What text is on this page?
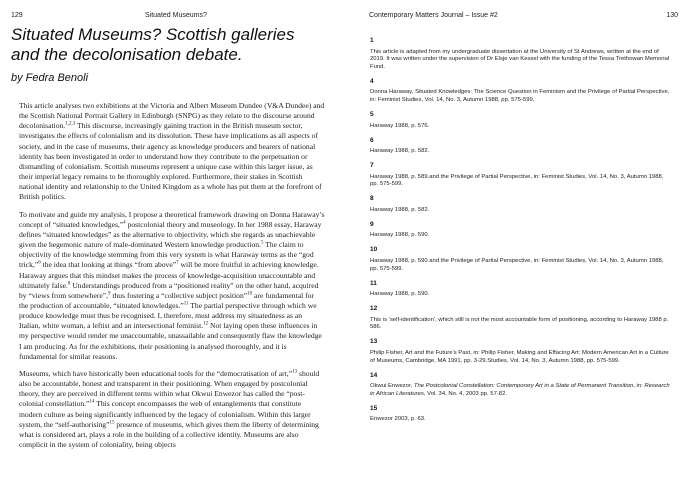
129	Situated Museums?	Contemporary Matters Journal – Issue #2	130
Situated Museums? Scottish galleries
and the decolonisation debate.
by Fedra Benoli

This article analyses two exhibitions at the Victoria and Albert Museum Dundee (V&A Dundee) and the Scottish National Portrait Gallery in Edinburgh (SNPG) as they relate to the discourse around decolonisation.$^{1,2,3}$ This discourse, increasingly gaining traction in the British museum sector, investigates the effects of colonialism and its dissolution. These have implications as all aspects of society, and in the case of museums, their agency as knowledge producers and bearers of national identity has been investigated in order to understand how they contribute to the perpetuation or dismantling of colonialism. Scottish museums represent a unique case within this larger issue, as their imperial legacy remains to be thoroughly explored. Furthermore, their stakes in Scottish national identity and relationship to the United Kingdom as a whole has put them at the forefront of British politics.

To motivate and guide my analysis, I propose a theoretical framework drawing on Donna Haraway’s concept of “situated knowledges,”$^4$ postcolonial theory and museology. In her 1988 essay, Haraway defines “situated knowledges” as the alternative to objectivity, which she regards as unachievable given the hegemonic nature of male-dominated Western knowledge production.$^5$ The claim to objectivity of the knowledge stemming from this very system is what Haraway terms as the “god trick,”$^6$ the idea that looking at things “from above”$^7$ will be more fruitful in achieving knowledge. Haraway argues that this mindset makes the process of knowledge-acquisition unaccountable and ultimately false.$^8$ Understandings produced from a “positioned reality” on the other hand, acquired by “views from somewhere”,$^9$ thus fostering a “collective subject position”$^{10}$ are fundamental for the production of accountable, “situated knowledges.”$^{11}$ The partial perspective through which we produce knowledge must thus be recognised. I, therefore, must address my situatedness as an Italian, white woman, a leftist and an intersectional feminist.$^{12}$ Not laying open these influences in my perspective would render me unaccountable, unassailable and consequently flaw the knowledge I am producing. As for the exhibitions, their positioning is analysed thoroughly, and it is fundamental for similar reasons.

Museums, which have historically been educational tools for the “democratisation of art,”$^{13}$ should also be accountable, honest and transparent in their positioning. When engaged by postcolonial theory, they are perceived in different terms within what Okwui Enwezor has called the “post-colonial constellation.”$^{14}$ This concept encompasses the web of entanglements that constitute modern culture as being significantly influenced by the legacy of colonialism. Within this larger system, the “self-authorising”$^{15}$ presence of museums, which gives them the liberty of determining what is considered art, plays a role in the building of a collective identity. Museums are also complicit in the system of coloniality, being objects

1
This article is adapted from my undergraduate dissertation at the University of St Andrews, written at the end of 2019. It was written under the supervision of Dr Elsje van Kessel with the funding of the Tessa Trethowan Memorial Fund.
4
Donna Haraway, Situated Knowledges: The Science Question in Feminism and the Privilege of Partial Perspective, in: Feminist Studies, Vol. 14, No. 3, Autumn 1988, pp. 575-599.
5
Haraway 1988, p. 576.
6
Haraway 1988, p. 582.
7
Haraway 1988, p. 589.and the Privilege of Partial Perspective, in: Feminist Studies, Vol. 14, No. 3, Autumn 1988, pp. 575-599.
8
Haraway 1988, p. 582.
9
Haraway 1988, p. 590.
10
Haraway 1988, p. 590.and the Privilege of Partial Perspective, in: Feminist Studies, Vol. 14, No. 3, Autumn 1988, pp. 575-599.
11
Haraway 1988, p. 590.
12
This is ‘self-identification’, which still is not the most accountable form of positioning, according to Haraway 1988 p. 586.
13
Philip Fisher, Art and the Future’s Past, in: Philip Fisher, Making and Effacing Art: Modern American Art in a Culture of Museums, Cambridge, MA 1991, pp. 3-29.Studies, Vol. 14, No. 3, Autumn 1988, pp. 575-599.
14
Okwui Enwezor, The Postcolonial Constellation: Contemporary Art in a State of Permanent Transition, in: Research in African Literatures, Vol. 34, No. 4, 2003 pp. 57-82.
15
Enwezor 2003, p. 63.
